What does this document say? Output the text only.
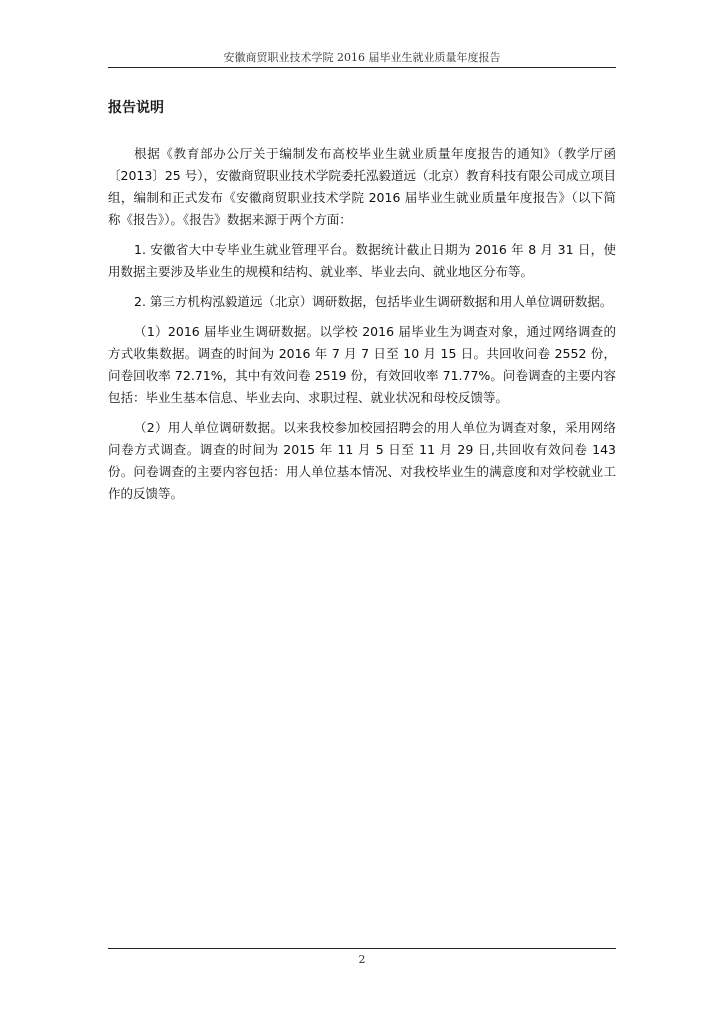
安徽商贸职业技术学院 2016 届毕业生就业质量年度报告
报告说明

根据《教育部办公厅关于编制发布高校毕业生就业质量年度报告的通知》（教学厅函〔2013〕25 号），安徽商贸职业技术学院委托泓毅道远（北京）教育科技有限公司成立项目组，编制和正式发布《安徽商贸职业技术学院 2016 届毕业生就业质量年度报告》（以下简称《报告》）。《报告》数据来源于两个方面：

1. 安徽省大中专毕业生就业管理平台。数据统计截止日期为 2016 年 8 月 31 日，使用数据主要涉及毕业生的规模和结构、就业率、毕业去向、就业地区分布等。

2. 第三方机构泓毅道远（北京）调研数据，包括毕业生调研数据和用人单位调研数据。

（1）2016 届毕业生调研数据。以学校 2016 届毕业生为调查对象，通过网络调查的方式收集数据。调查的时间为 2016 年 7 月 7 日至 10 月 15 日。共回收问卷 2552 份，问卷回收率 72.71%，其中有效问卷 2519 份，有效回收率 71.77%。问卷调查的主要内容包括：毕业生基本信息、毕业去向、求职过程、就业状况和母校反馈等。

（2）用人单位调研数据。以来我校参加校园招聘会的用人单位为调查对象，采用网络问卷方式调查。调查的时间为 2015 年 11 月 5 日至 11 月 29 日,共回收有效问卷 143 份。问卷调查的主要内容包括：用人单位基本情况、对我校毕业生的满意度和对学校就业工作的反馈等。

2
